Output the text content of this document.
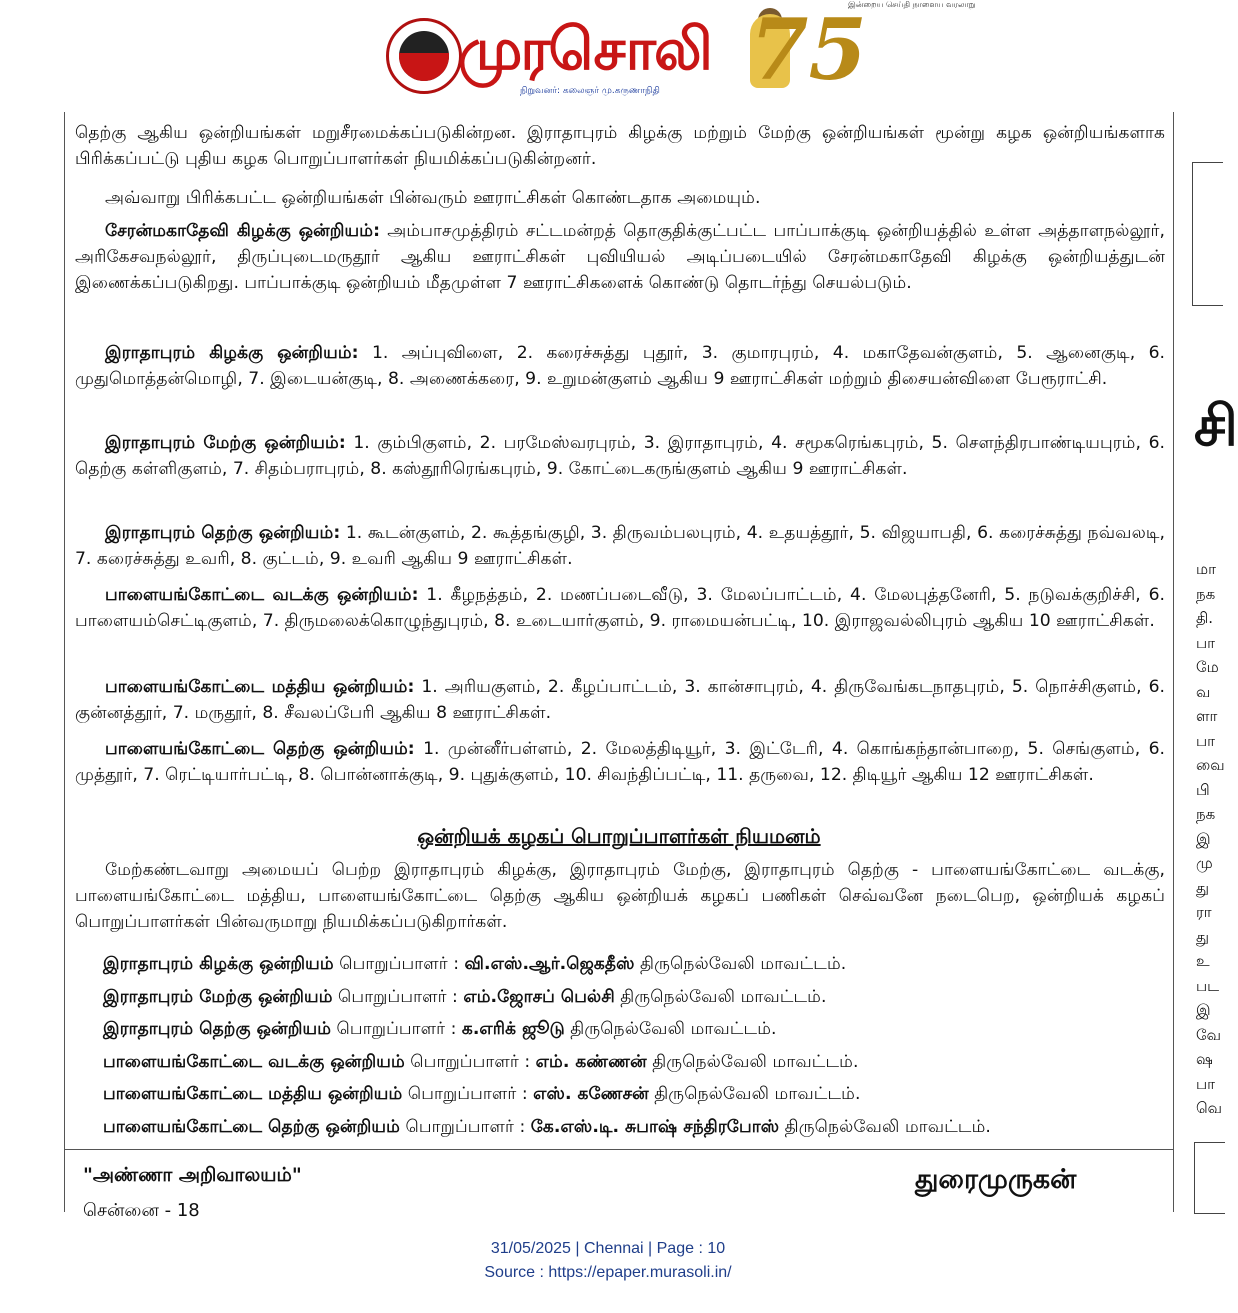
இன்றைய செய்தி நாளைய வரலாறு
முரசொலி
நிறுவனர்: கலைஞர் மு.கருணாநிதி 75

தெற்கு ஆகிய ஒன்றியங்கள் மறுசீரமைக்கப்படுகின்றன. இராதாபுரம் கிழக்கு மற்றும் மேற்கு ஒன்றியங்கள் மூன்று கழக ஒன்றியங்களாக பிரிக்கப்பட்டு புதிய கழக பொறுப்பாளர்கள் நியமிக்கப்படுகின்றனர்.

அவ்வாறு பிரிக்கபட்ட ஒன்றியங்கள் பின்வரும் ஊராட்சிகள் கொண்டதாக அமையும்.

சேரன்மகாதேவி கிழக்கு ஒன்றியம்: அம்பாசமுத்திரம் சட்டமன்றத் தொகுதிக்குட்பட்ட பாப்பாக்குடி ஒன்றியத்தில் உள்ள அத்தாளநல்லூர், அரிகேசவநல்லூர், திருப்புடைமருதூர் ஆகிய ஊராட்சிகள் புவியியல் அடிப்படையில் சேரன்மகாதேவி கிழக்கு ஒன்றியத்துடன் இணைக்கப்படுகிறது. பாப்பாக்குடி ஒன்றியம் மீதமுள்ள 7 ஊராட்சிகளைக் கொண்டு தொடர்ந்து செயல்படும்.

இராதாபுரம் கிழக்கு ஒன்றியம்: 1. அப்புவிளை, 2. கரைச்சுத்து புதூர், 3. குமாரபுரம், 4. மகாதேவன்குளம், 5. ஆனைகுடி, 6. முதுமொத்தன்மொழி, 7. இடையன்குடி, 8. அணைக்கரை, 9. உறுமன்குளம் ஆகிய 9 ஊராட்சிகள் மற்றும் திசையன்விளை பேரூராட்சி.

இராதாபுரம் மேற்கு ஒன்றியம்: 1. கும்பிகுளம், 2. பரமேஸ்வரபுரம், 3. இராதாபுரம், 4. சமூகரெங்கபுரம், 5. சௌந்திரபாண்டியபுரம், 6. தெற்கு கள்ளிகுளம், 7. சிதம்பராபுரம், 8. கஸ்தூரிரெங்கபுரம், 9. கோட்டைகருங்குளம் ஆகிய 9 ஊராட்சிகள்.

இராதாபுரம் தெற்கு ஒன்றியம்: 1. கூடன்குளம், 2. கூத்தங்குழி, 3. திருவம்பலபுரம், 4. உதயத்தூர், 5. விஜயாபதி, 6. கரைச்சுத்து நவ்வலடி, 7. கரைச்சுத்து உவரி, 8. குட்டம், 9. உவரி ஆகிய 9 ஊராட்சிகள்.

பாளையங்கோட்டை வடக்கு ஒன்றியம்: 1. கீழநத்தம், 2. மணப்படைவீடு, 3. மேலப்பாட்டம், 4. மேலபுத்தனேரி, 5. நடுவக்குறிச்சி, 6. பாளையம்செட்டிகுளம், 7. திருமலைக்கொழுந்துபுரம், 8. உடையார்குளம், 9. ராமையன்பட்டி, 10. இராஜவல்லிபுரம் ஆகிய 10 ஊராட்சிகள்.

பாளையங்கோட்டை மத்திய ஒன்றியம்: 1. அரியகுளம், 2. கீழப்பாட்டம், 3. கான்சாபுரம், 4. திருவேங்கடநாதபுரம், 5. நொச்சிகுளம், 6. குன்னத்தூர், 7. மருதூர், 8. சீவலப்பேரி ஆகிய 8 ஊராட்சிகள்.

பாளையங்கோட்டை தெற்கு ஒன்றியம்: 1. முன்னீர்பள்ளம், 2. மேலத்திடியூர், 3. இட்டேரி, 4. கொங்கந்தான்பாறை, 5. செங்குளம், 6. முத்தூர், 7. ரெட்டியார்பட்டி, 8. பொன்னாக்குடி, 9. புதுக்குளம், 10. சிவந்திப்பட்டி, 11. தருவை, 12. திடியூர் ஆகிய 12 ஊராட்சிகள்.

ஒன்றியக் கழகப் பொறுப்பாளர்கள் நியமனம்

மேற்கண்டவாறு அமையப் பெற்ற இராதாபுரம் கிழக்கு, இராதாபுரம் மேற்கு, இராதாபுரம் தெற்கு - பாளையங்கோட்டை வடக்கு, பாளையங்கோட்டை மத்திய, பாளையங்கோட்டை தெற்கு ஆகிய ஒன்றியக் கழகப் பணிகள் செவ்வனே நடைபெற, ஒன்றியக் கழகப் பொறுப்பாளர்கள் பின்வருமாறு நியமிக்கப்படுகிறார்கள்.

இராதாபுரம் கிழக்கு ஒன்றியம் பொறுப்பாளர் : வி.எஸ்.ஆர்.ஜெகதீஸ் திருநெல்வேலி மாவட்டம்.
இராதாபுரம் மேற்கு ஒன்றியம் பொறுப்பாளர் : எம்.ஜோசப் பெல்சி திருநெல்வேலி மாவட்டம்.
இராதாபுரம் தெற்கு ஒன்றியம் பொறுப்பாளர் : க.எரிக் ஜூடு திருநெல்வேலி மாவட்டம்.
பாளையங்கோட்டை வடக்கு ஒன்றியம் பொறுப்பாளர் : எம். கண்ணன் திருநெல்வேலி மாவட்டம்.
பாளையங்கோட்டை மத்திய ஒன்றியம் பொறுப்பாளர் : எஸ். கணேசன் திருநெல்வேலி மாவட்டம்.
பாளையங்கோட்டை தெற்கு ஒன்றியம் பொறுப்பாளர் : கே.எஸ்.டி. சுபாஷ் சந்திரபோஸ் திருநெல்வேலி மாவட்டம்.
"அண்ணா அறிவாலயம்"
சென்னை - 18
துரைமுருகன்
சி
மா
நக
தி.
பா
மே
வ
ளா
பா
வை
பி
நக
இ
மு
து
ரா
து
உ
பட
இ
வே
ஷ
பா
வெ
31/05/2025 | Chennai | Page : 10
Source : https://epaper.murasoli.in/
